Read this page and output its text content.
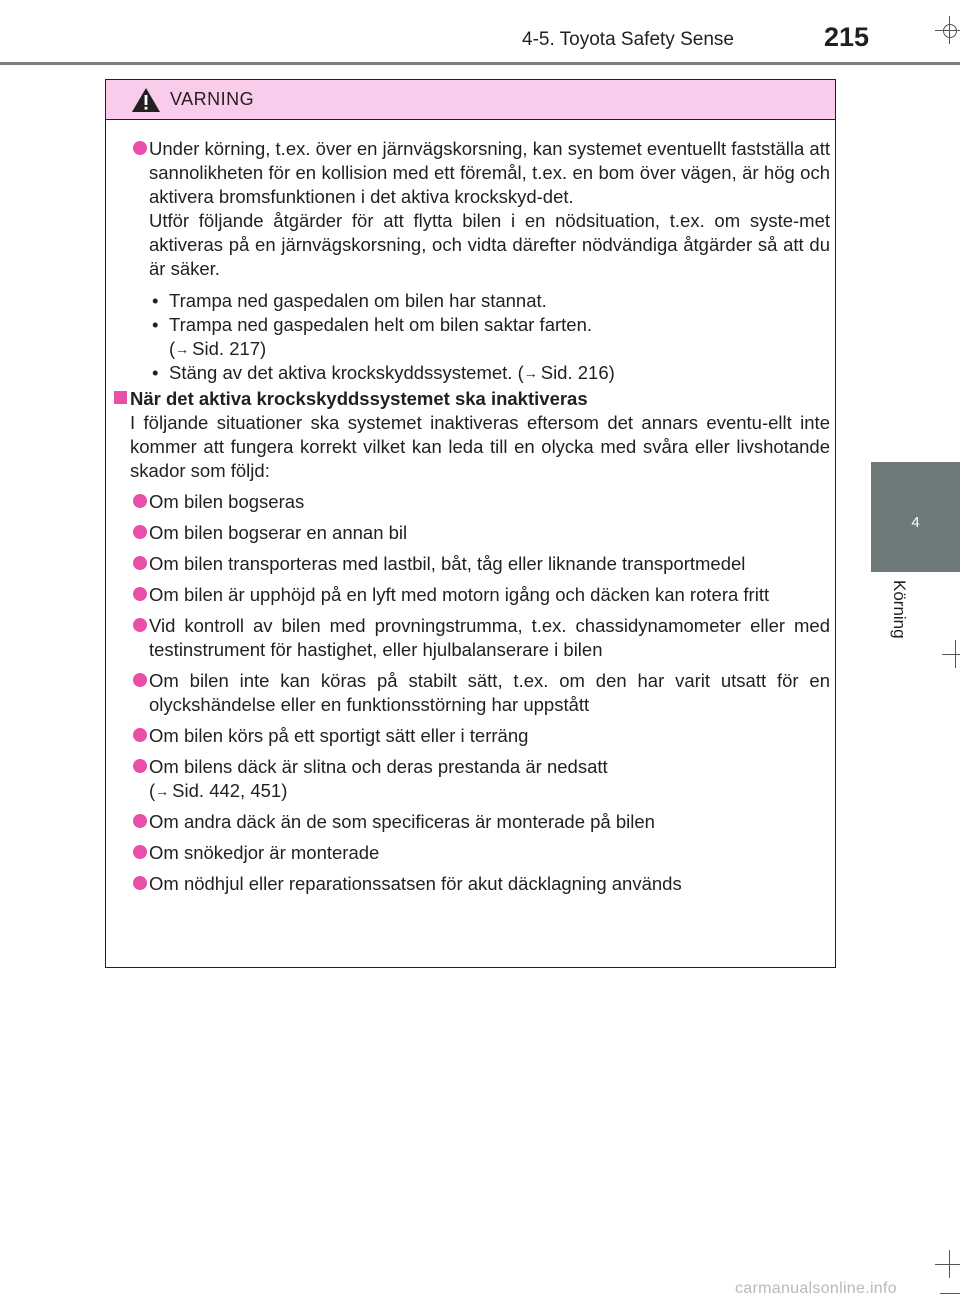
4-5. Toyota Safety Sense	215
4
Körning
VARNING
Under körning, t.ex. över en järnvägskorsning, kan systemet eventuellt fastställa att sannolikheten för en kollision med ett föremål, t.ex. en bom över vägen, är hög och aktivera bromsfunktionen i det aktiva krockskyd-det.
Utför följande åtgärder för att flytta bilen i en nödsituation, t.ex. om syste-met aktiveras på en järnvägskorsning, och vidta därefter nödvändiga åtgärder så att du är säker.
• Trampa ned gaspedalen om bilen har stannat.
• Trampa ned gaspedalen helt om bilen saktar farten.
(→ Sid. 217)
• Stäng av det aktiva krockskyddssystemet. (→ Sid. 216)
När det aktiva krockskyddssystemet ska inaktiveras
I följande situationer ska systemet inaktiveras eftersom det annars eventu-ellt inte kommer att fungera korrekt vilket kan leda till en olycka med svåra eller livshotande skador som följd:
Om bilen bogseras
Om bilen bogserar en annan bil
Om bilen transporteras med lastbil, båt, tåg eller liknande transportmedel
Om bilen är upphöjd på en lyft med motorn igång och däcken kan rotera fritt
Vid kontroll av bilen med provningstrumma, t.ex. chassidynamometer eller med testinstrument för hastighet, eller hjulbalanserare i bilen
Om bilen inte kan köras på stabilt sätt, t.ex. om den har varit utsatt för en olyckshändelse eller en funktionsstörning har uppstått
Om bilen körs på ett sportigt sätt eller i terräng
Om bilens däck är slitna och deras prestanda är nedsatt
(→ Sid. 442, 451)
Om andra däck än de som specificeras är monterade på bilen
Om snökedjor är monterade
Om nödhjul eller reparationssatsen för akut däcklagning används
carmanualsonline.info
